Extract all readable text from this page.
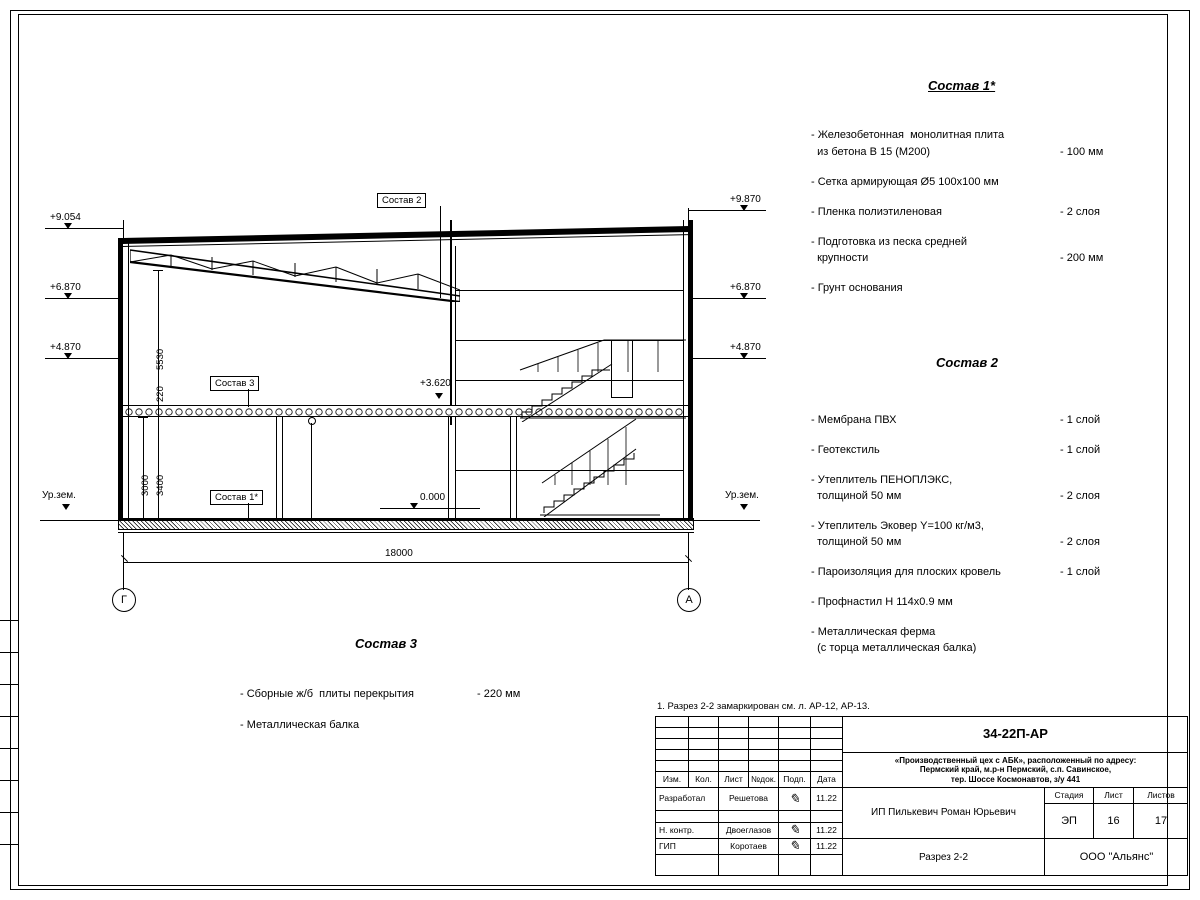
5530
220
3000 3400
18000
Г	А
+9.054
+6.870
+4.870
Ур.зем.
+9.870
+6.870
+4.870
Ур.зем.
+3.620
0.000
Состав 2
Состав 3
Состав 1*
Состав 1*
- Железобетонная  монолитная плита
из бетона В 15 (М200)	- 100 мм
- Сетка армирующая Ø5 100х100 мм
- Пленка полиэтиленовая	- 2 слоя
- Подготовка из песка средней
крупности	- 200 мм
- Грунт основания
Состав 2
- Мембрана ПВХ	- 1 слой
- Геотекстиль	- 1 слой
- Утеплитель ПЕНОПЛЭКС,
толщиной 50 мм	- 2 слоя
- Утеплитель Эковер Y=100 кг/м3,
толщиной 50 мм	- 2 слоя
- Пароизоляция для плоских кровель	- 1 слой
- Профнастил Н 114х0.9 мм
- Металлическая ферма
(с торца металлическая балка)
Состав 3
- Сборные ж/б  плиты перекрытия	- 220 мм
- Металлическая балка
1. Разрез 2-2 замаркирован см. л. АР-12, АР-13.
Изм.	Кол.	Лист №док. Подп.	Дата
Разработал	Решетова	✎	11.22
Н. контр.	Двоеглазов	✎	11.22
ГИП	Коротаев	✎	11.22
34-22П-АР
«Производственный цех с АБК», расположенный по адресу:
Пермский край, м.р-н Пермский, с.п. Савинское,
тер. Шоссе Космонавтов, з/у 441
ИП Пилькевич Роман Юрьевич
Разрез 2-2
Стадия	Лист	Листов
ЭП	16	17
ООО "Альянс"
